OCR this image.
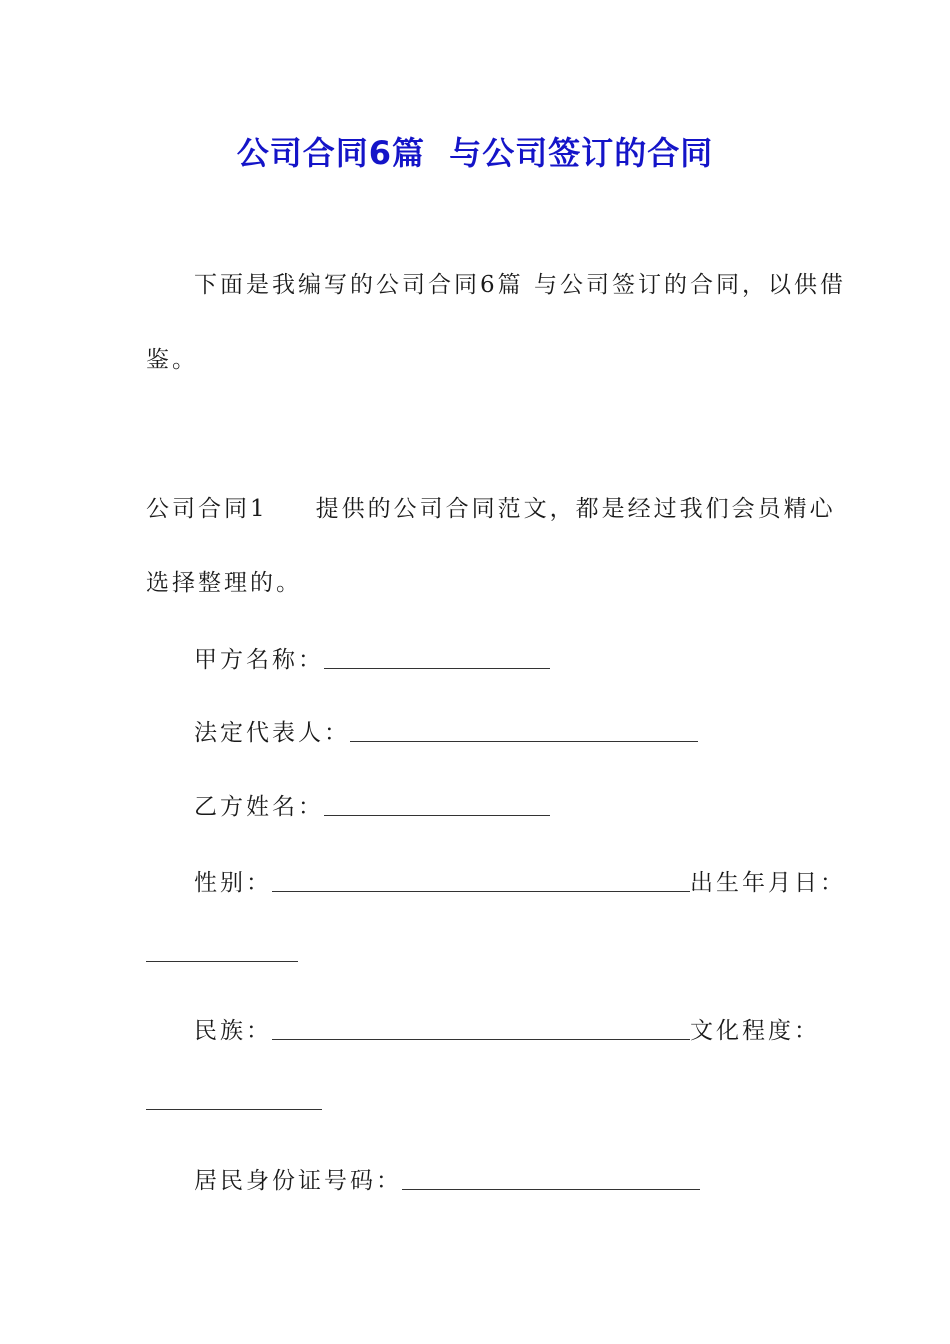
公司合同6篇  与公司签订的合同
下面是我编写的公司合同6篇 与公司签订的合同，以供借
鉴。
公司合同1 提供的公司合同范文，都是经过我们会员精心
选择整理的。
甲方名称：
法定代表人：
乙方姓名：
性别：	出生年月日：
民族：	文化程度：
居民身份证号码：
